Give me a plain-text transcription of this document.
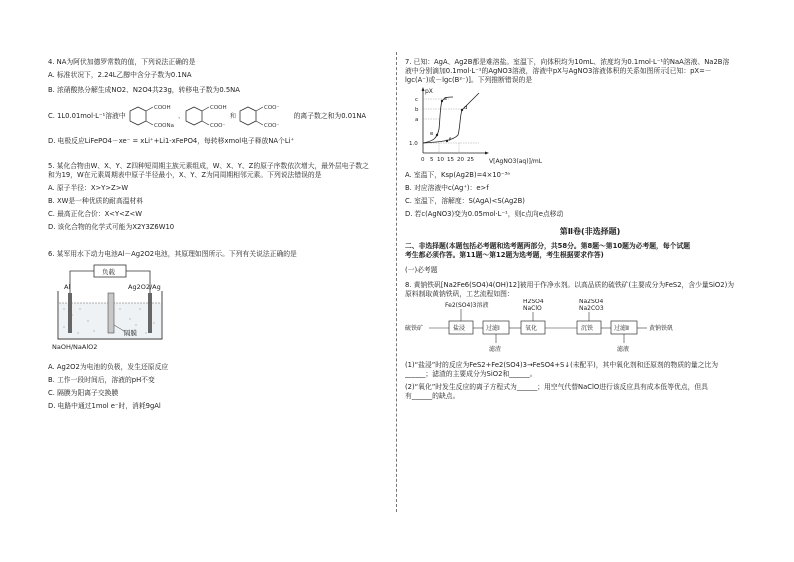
4. NA为阿伏加德罗常数的值，下列说法正确的是
A. 标准状况下，2.24L乙醇中含分子数为0.1NA
B. 浓硝酸热分解生成NO2、N2O4共23g，转移电子数为0.5NA
C. 1L0.01mol·L⁻¹溶液中
COOH
COONa
、
COOH
COO⁻
和
COO⁻
COO⁻
的离子数之和为0.01NA
D. 电极反应LiFePO4－xe⁻ = xLi⁺+Li1-xFePO4，每转移xmol电子释放NA个Li⁺
5. 某化合物由W、X、Y、Z四种短周期主族元素组成，W、X、Y、Z的原子序数依次增大，最外层电子数之
和为19，W在元素周期表中原子半径最小，X、Y、Z为同周期相邻元素。下列说法错误的是
A. 原子半径：X>Y>Z>W
B. XW是一种优质的耐高温材料
C. 最高正化合价：X<Y<Z<W
D. 该化合物的化学式可能为X2Y3Z6W10
6. 某军用水下动力电池Al－Ag2O2电池，其原理如图所示。下列有关说法正确的是
负载
Al	Ag2O2/Ag
隔膜
NaOH/NaAlO2
A. Ag2O2为电池的负极，发生还原反应
B. 工作一段时间后，溶液的pH不变
C. 隔膜为阳离子交换膜
D. 电路中通过1mol e⁻时，消耗9gAl
7. 已知：AgA、Ag2B都是难溶盐。室温下，向体积均为10mL、浓度均为0.1mol·L⁻¹的NaA溶液、Na2B溶
液中分别滴加0.1mol·L⁻¹的AgNO3溶液，溶液中pX与AgNO3溶液体积的关系如图所示[已知：pX=－
lgc(A⁻)或－lgc(B²⁻)]。下列推断错误的是
pX
V[AgNO3(aq)]/mL
1.0
a
b
c
0 5 10 15 20 25
c
d
e
f
A. 室温下，Ksp(Ag2B)=4×10⁻³ᵃ
B. 对应溶液中c(Ag⁺)：e>f
C. 室温下，溶解度：S(AgA)<S(Ag2B)
D. 若c(AgNO3)变为0.05mol·L⁻¹，则c点向e点移动
第Ⅱ卷(非选择题)
二、非选择题(本题包括必考题和选考题两部分，共58分。第8题～第10题为必考题，每个试题
考生都必须作答。第11题～第12题为选考题，考生根据要求作答)
(一)必考题
8. 黄钠铁矾[Na2Fe6(SO4)4(OH)12]被用于作净水剂。以高品质的硫铁矿(主要成分为FeS2，含少量SiO2)为
原料制取黄钠铁矾，工艺流程如图：
Fe2(SO4)3溶液
H2SO4
NaClO
Na2SO4
Na2CO3
硫铁矿	盐浸	过滤Ⅰ	氧化	沉铁	过滤Ⅱ	黄钠铁矾
滤渣	滤液
(1)“盐浸”时的反应为FeS2+Fe2(SO4)3→FeSO4+S↓(未配平)，其中氧化剂和还原剂的物质的量之比为
______；滤渣的主要成分为SiO2和______。
(2)“氧化”时发生反应的离子方程式为______；用空气代替NaClO进行该反应具有成本低等优点，但具
有______的缺点。
